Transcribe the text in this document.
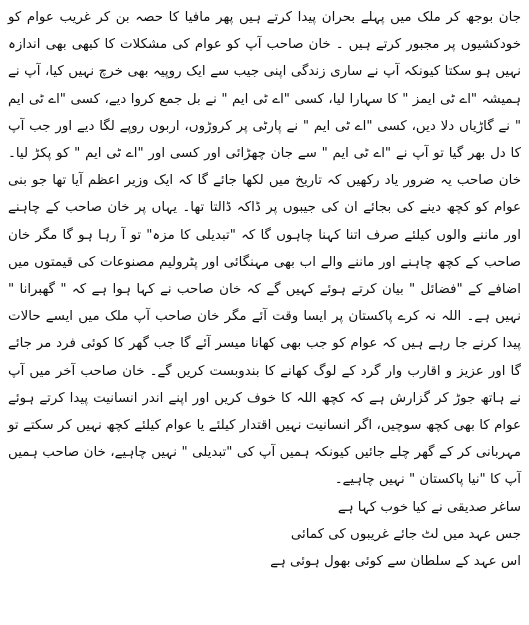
جان بوجھ کر ملک میں پہلے بحران پیدا کرتے ہیں پھر مافیا کا حصہ بن کر غریب عوام کو خودکشیوں پر مجبور کرتے ہیں ۔ خان صاحب آپ کو عوام کی مشکلات کا کبھی بھی اندازہ نہیں ہو سکتا کیونکہ آپ نے ساری زندگی اپنی جیب سے ایک روپیہ بھی خرچ نہیں کیا، آپ نے ہمیشہ "اے ٹی ایمز " کا سہارا لیا، کسی "اے ٹی ایم " نے بل جمع کروا دیے، کسی "اے ٹی ایم " نے گاڑیاں دلا دیں، کسی "اے ٹی ایم " نے پارٹی پر کروڑوں، اربوں روپے لگا دیے اور جب آپ کا دل بھر گیا تو آپ نے "اے ٹی ایم " سے جان چھڑائی اور کسی اور "اے ٹی ایم " کو پکڑ لیا۔ خان صاحب یہ ضرور یاد رکھیں کہ تاریخ میں لکھا جائے گا کہ ایک وزیر اعظم آیا تھا جو بنی عوام کو کچھ دینے کی بجائے ان کی جیبوں پر ڈاکہ ڈالتا تھا۔ یہاں پر خان صاحب کے چاہنے اور ماننے والوں کیلئے صرف اتنا کہنا چاہوں گا کہ "تبدیلی کا مزہ" تو آ رہا ہو گا مگر خان صاحب کے کچھ چاہنے اور ماننے والے اب بھی مہنگائی اور پٹرولیم مصنوعات کی قیمتوں میں اضافے کے "فضائل " بیان کرتے ہوئے کہیں گے کہ خان صاحب نے کہا ہوا ہے کہ " گھبرانا " نہیں ہے۔ اللہ نہ کرے پاکستان پر ایسا وقت آئے مگر خان صاحب آپ ملک میں ایسے حالات پیدا کرنے جا رہے ہیں کہ عوام کو جب بھی کھانا میسر آئے گا جب گھر کا کوئی فرد مر جائے گا اور عزیز و اقارب وار گرد کے لوگ کھانے کا بندوبست کریں گے۔ خان صاحب آخر میں آپ نے ہاتھ جوڑ کر گزارش ہے کہ کچھ اللہ کا خوف کریں اور اپنے اندر انسانیت پیدا کرتے ہوئے عوام کا بھی کچھ سوچیں، اگر انسانیت نہیں اقتدار کیلئے یا عوام کیلئے کچھ نہیں کر سکتے تو مہربانی کر کے گھر چلے جائیں کیونکہ ہمیں آپ کی "تبدیلی " نہیں چاہیے، خان صاحب ہمیں آپ کا "نیا پاکستان " نہیں چاہیے۔

ساغر صدیقی نے کیا خوب کہا ہے

جس عہد میں لٹ جائے غریبوں کی کمائی

اس عہد کے سلطان سے کوئی بھول ہوئی ہے
